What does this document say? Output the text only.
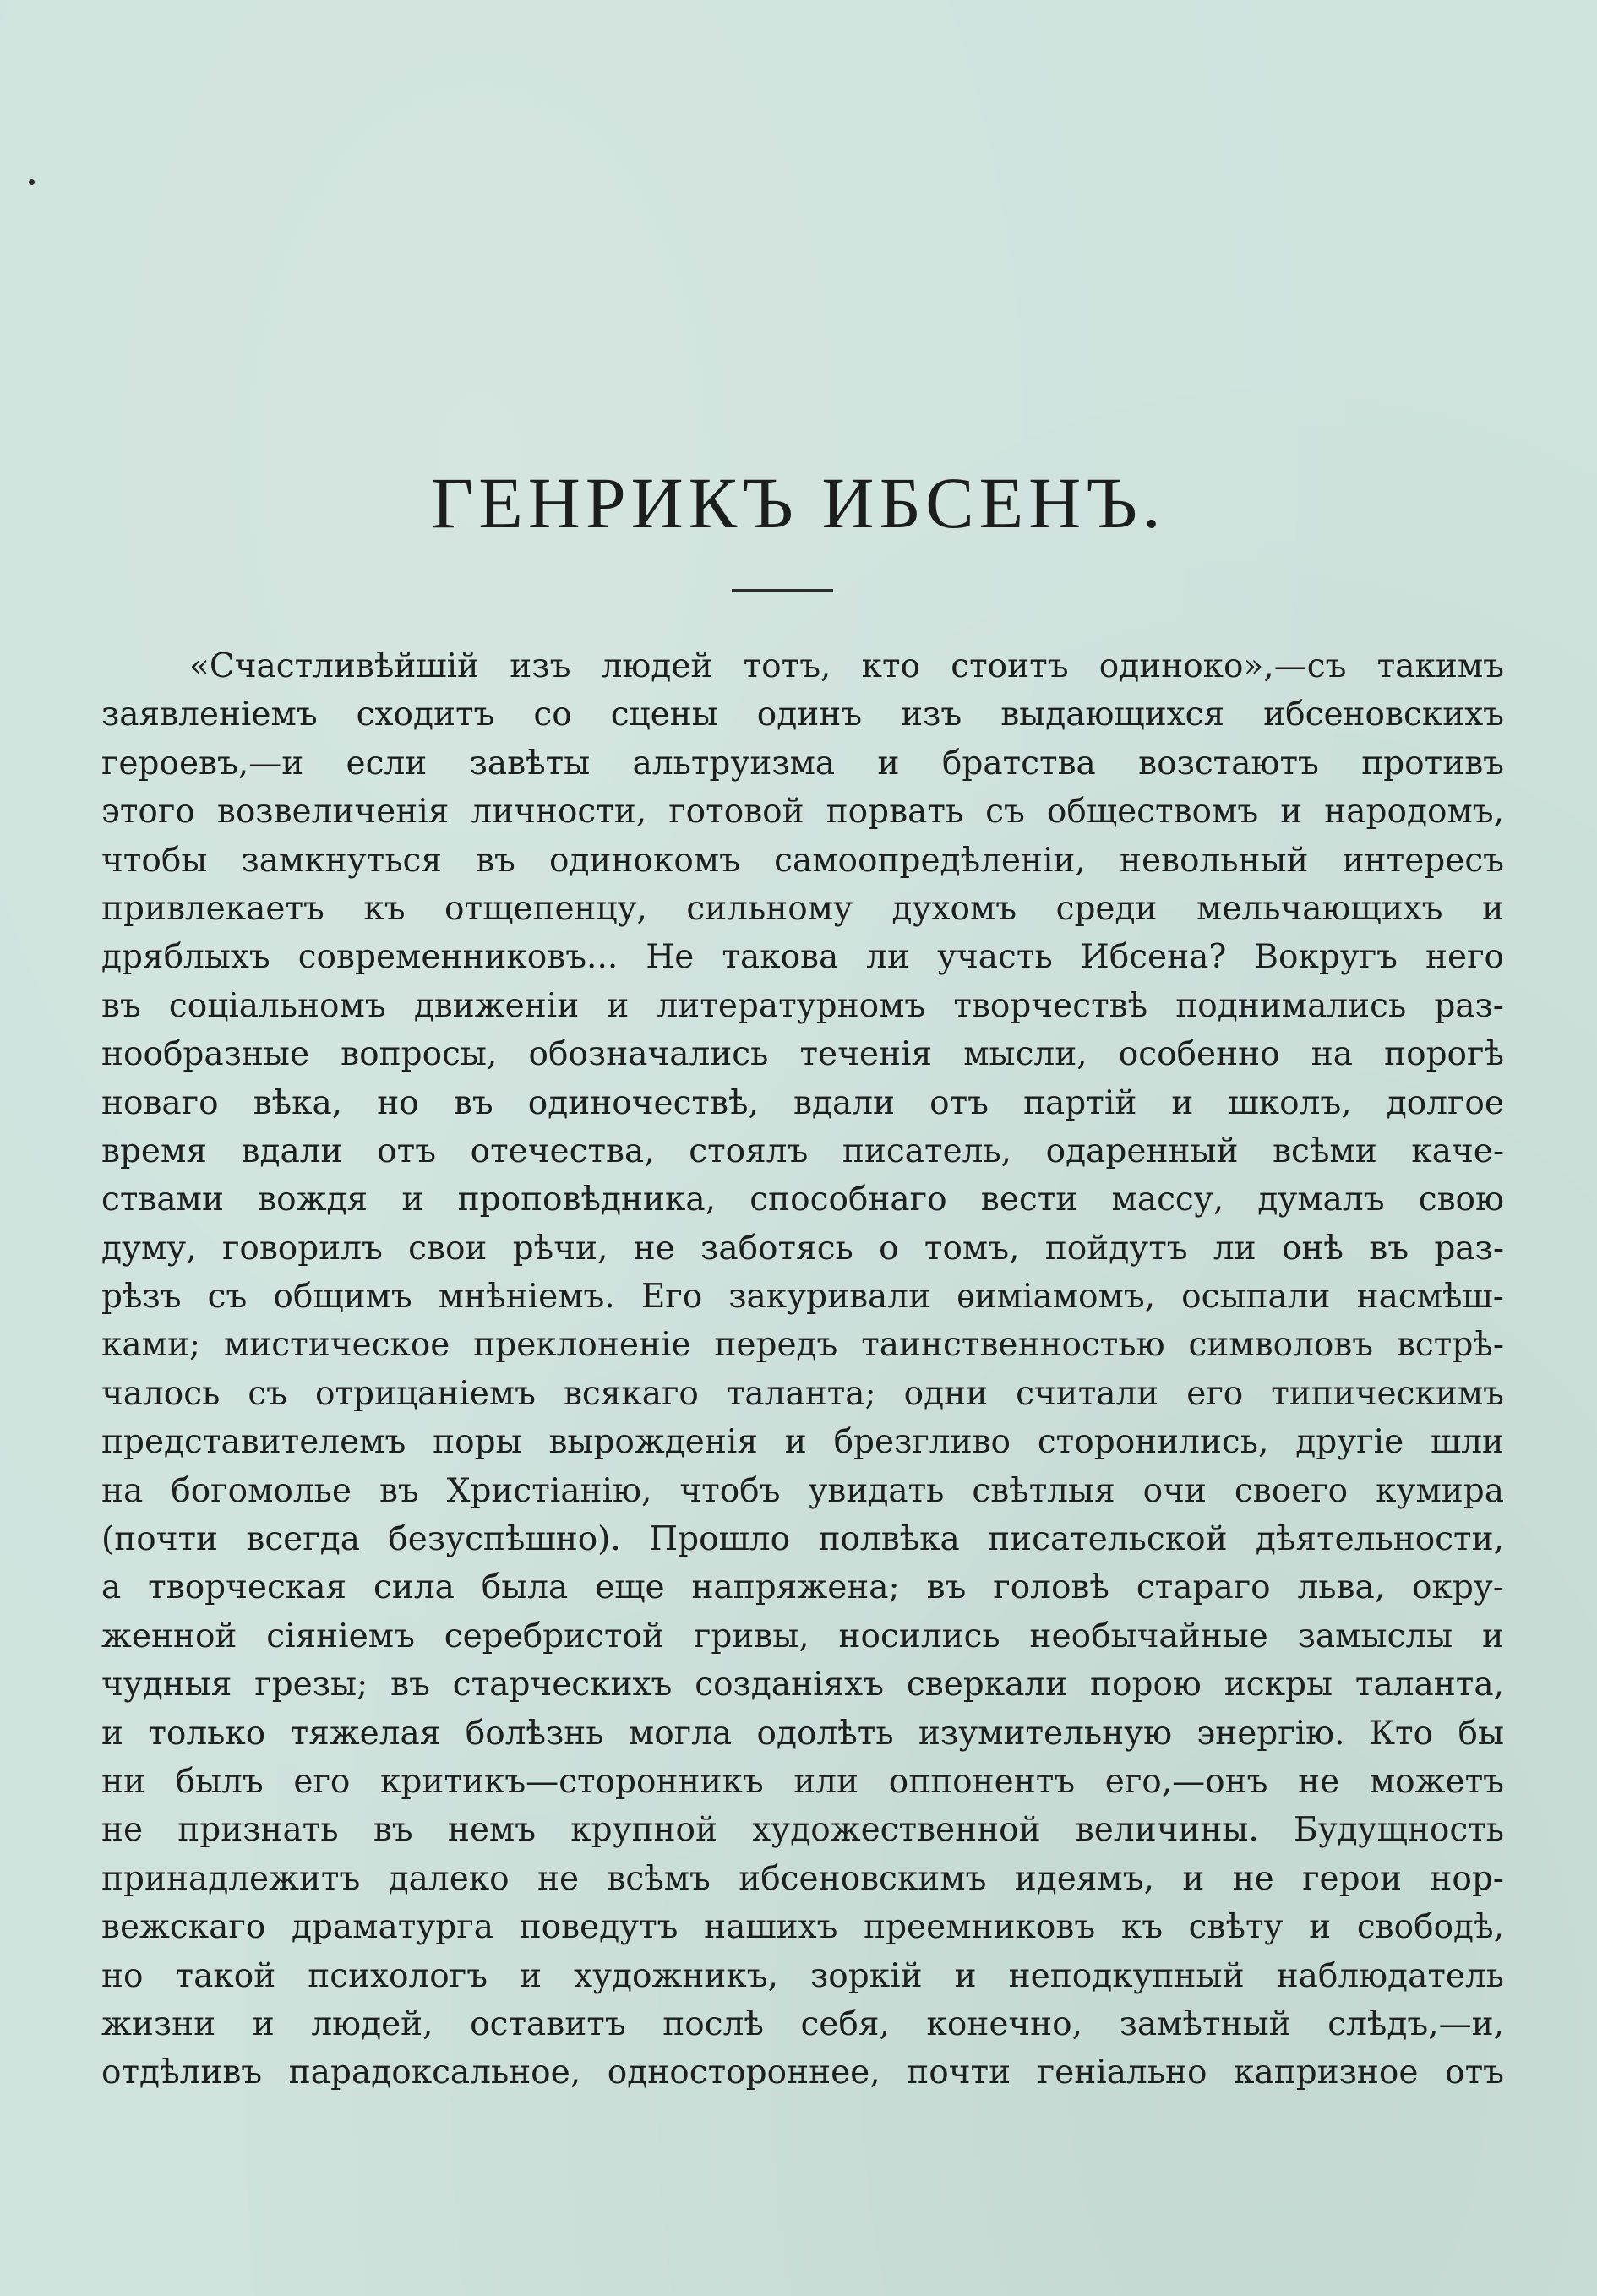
ГЕНРИКЪ ИБСЕНЪ.
«Счастливѣйшій изъ людей тотъ, кто стоитъ одиноко»,—съ такимъ
заявленіемъ сходитъ со сцены одинъ изъ выдающихся ибсеновскихъ
героевъ,—и если завѣты альтруизма и братства возстаютъ противъ
этого возвеличенія личности, готовой порвать съ обществомъ и народомъ,
чтобы замкнуться въ одинокомъ самоопредѣленіи, невольный интересъ
привлекаетъ къ отщепенцу, сильному духомъ среди мельчающихъ и
дряблыхъ современниковъ... Не такова ли участь Ибсена? Вокругъ него
въ соціальномъ движеніи и литературномъ творчествѣ поднимались раз-
нообразные вопросы, обозначались теченія мысли, особенно на порогѣ
новаго вѣка, но въ одиночествѣ, вдали отъ партій и школъ, долгое
время вдали отъ отечества, стоялъ писатель, одаренный всѣми каче-
ствами вождя и проповѣдника, способнаго вести массу, думалъ свою
думу, говорилъ свои рѣчи, не заботясь о томъ, пойдутъ ли онѣ въ раз-
рѣзъ съ общимъ мнѣніемъ. Его закуривали ѳиміамомъ, осыпали насмѣш-
ками; мистическое преклоненіе передъ таинственностью символовъ встрѣ-
чалось съ отрицаніемъ всякаго таланта; одни считали его типическимъ
представителемъ поры вырожденія и брезгливо сторонились, другіе шли
на богомолье въ Христіанію, чтобъ увидать свѣтлыя очи своего кумира
(почти всегда безуспѣшно). Прошло полвѣка писательской дѣятельности,
а творческая сила была еще напряжена; въ головѣ стараго льва, окру-
женной сіяніемъ серебристой гривы, носились необычайные замыслы и
чудныя грезы; въ старческихъ созданіяхъ сверкали порою искры таланта,
и только тяжелая болѣзнь могла одолѣть изумительную энергію. Кто бы
ни былъ его критикъ—сторонникъ или оппонентъ его,—онъ не можетъ
не признать въ немъ крупной художественной величины. Будущность
принадлежитъ далеко не всѣмъ ибсеновскимъ идеямъ, и не герои нор-
вежскаго драматурга поведутъ нашихъ преемниковъ къ свѣту и свободѣ,
но такой психологъ и художникъ, зоркій и неподкупный наблюдатель
жизни и людей, оставитъ послѣ себя, конечно, замѣтный слѣдъ,—и,
отдѣливъ парадоксальное, одностороннее, почти геніально капризное отъ
